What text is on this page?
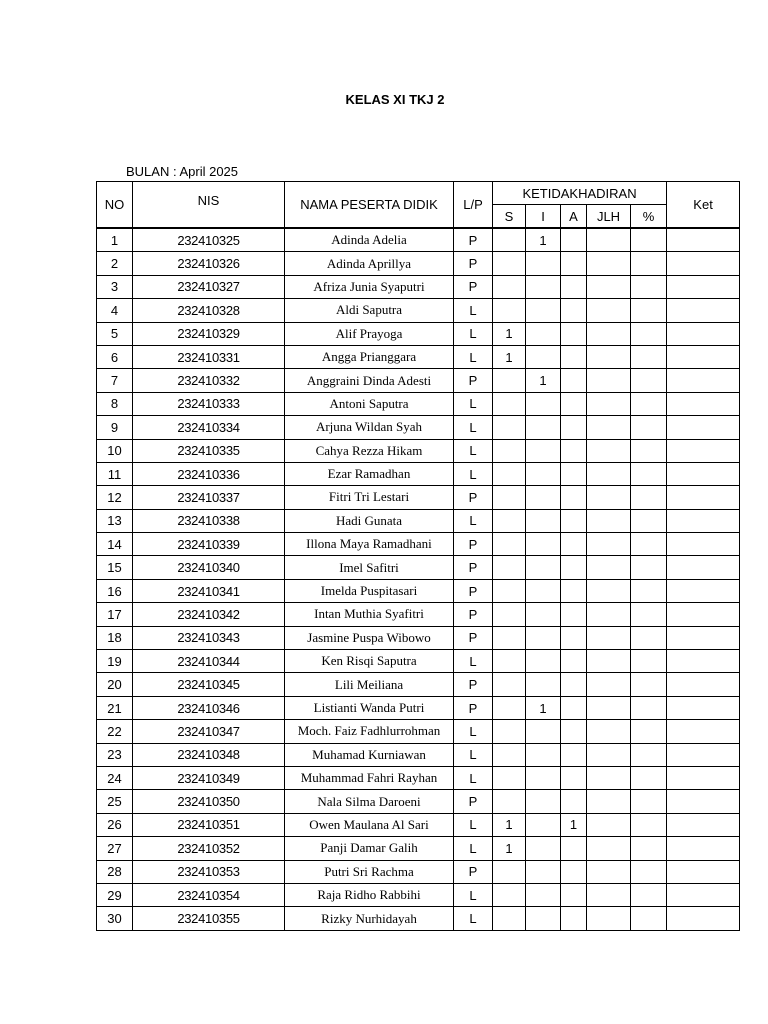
KELAS XI TKJ 2
BULAN : April 2025
NO	NIS	NAMA PESERTA DIDIK	L/P	KETIDAKHADIRAN					Ket
				S	I	A	JLH	%	
1	232410325	Adinda Adelia	P		1				
2	232410326	Adinda Aprillya	P						
3	232410327	Afriza Junia Syaputri	P						
4	232410328	Aldi Saputra	L						
5	232410329	Alif Prayoga	L	1					
6	232410331	Angga Prianggara	L	1					
7	232410332	Anggraini Dinda Adesti	P		1				
8	232410333	Antoni Saputra	L						
9	232410334	Arjuna Wildan Syah	L						
10	232410335	Cahya Rezza Hikam	L						
11	232410336	Ezar Ramadhan	L						
12	232410337	Fitri Tri Lestari	P						
13	232410338	Hadi Gunata	L						
14	232410339	Illona Maya Ramadhani	P						
15	232410340	Imel Safitri	P						
16	232410341	Imelda Puspitasari	P						
17	232410342	Intan Muthia Syafitri	P						
18	232410343	Jasmine Puspa Wibowo	P						
19	232410344	Ken Risqi Saputra	L						
20	232410345	Lili Meiliana	P						
21	232410346	Listianti Wanda Putri	P		1				
22	232410347	Moch. Faiz Fadhlurrohman	L						
23	232410348	Muhamad Kurniawan	L						
24	232410349	Muhammad Fahri Rayhan	L						
25	232410350	Nala Silma Daroeni	P						
26	232410351	Owen Maulana Al Sari	L	1		1			
27	232410352	Panji Damar Galih	L	1					
28	232410353	Putri Sri Rachma	P						
29	232410354	Raja Ridho Rabbihi	L						
30	232410355	Rizky Nurhidayah	L						
